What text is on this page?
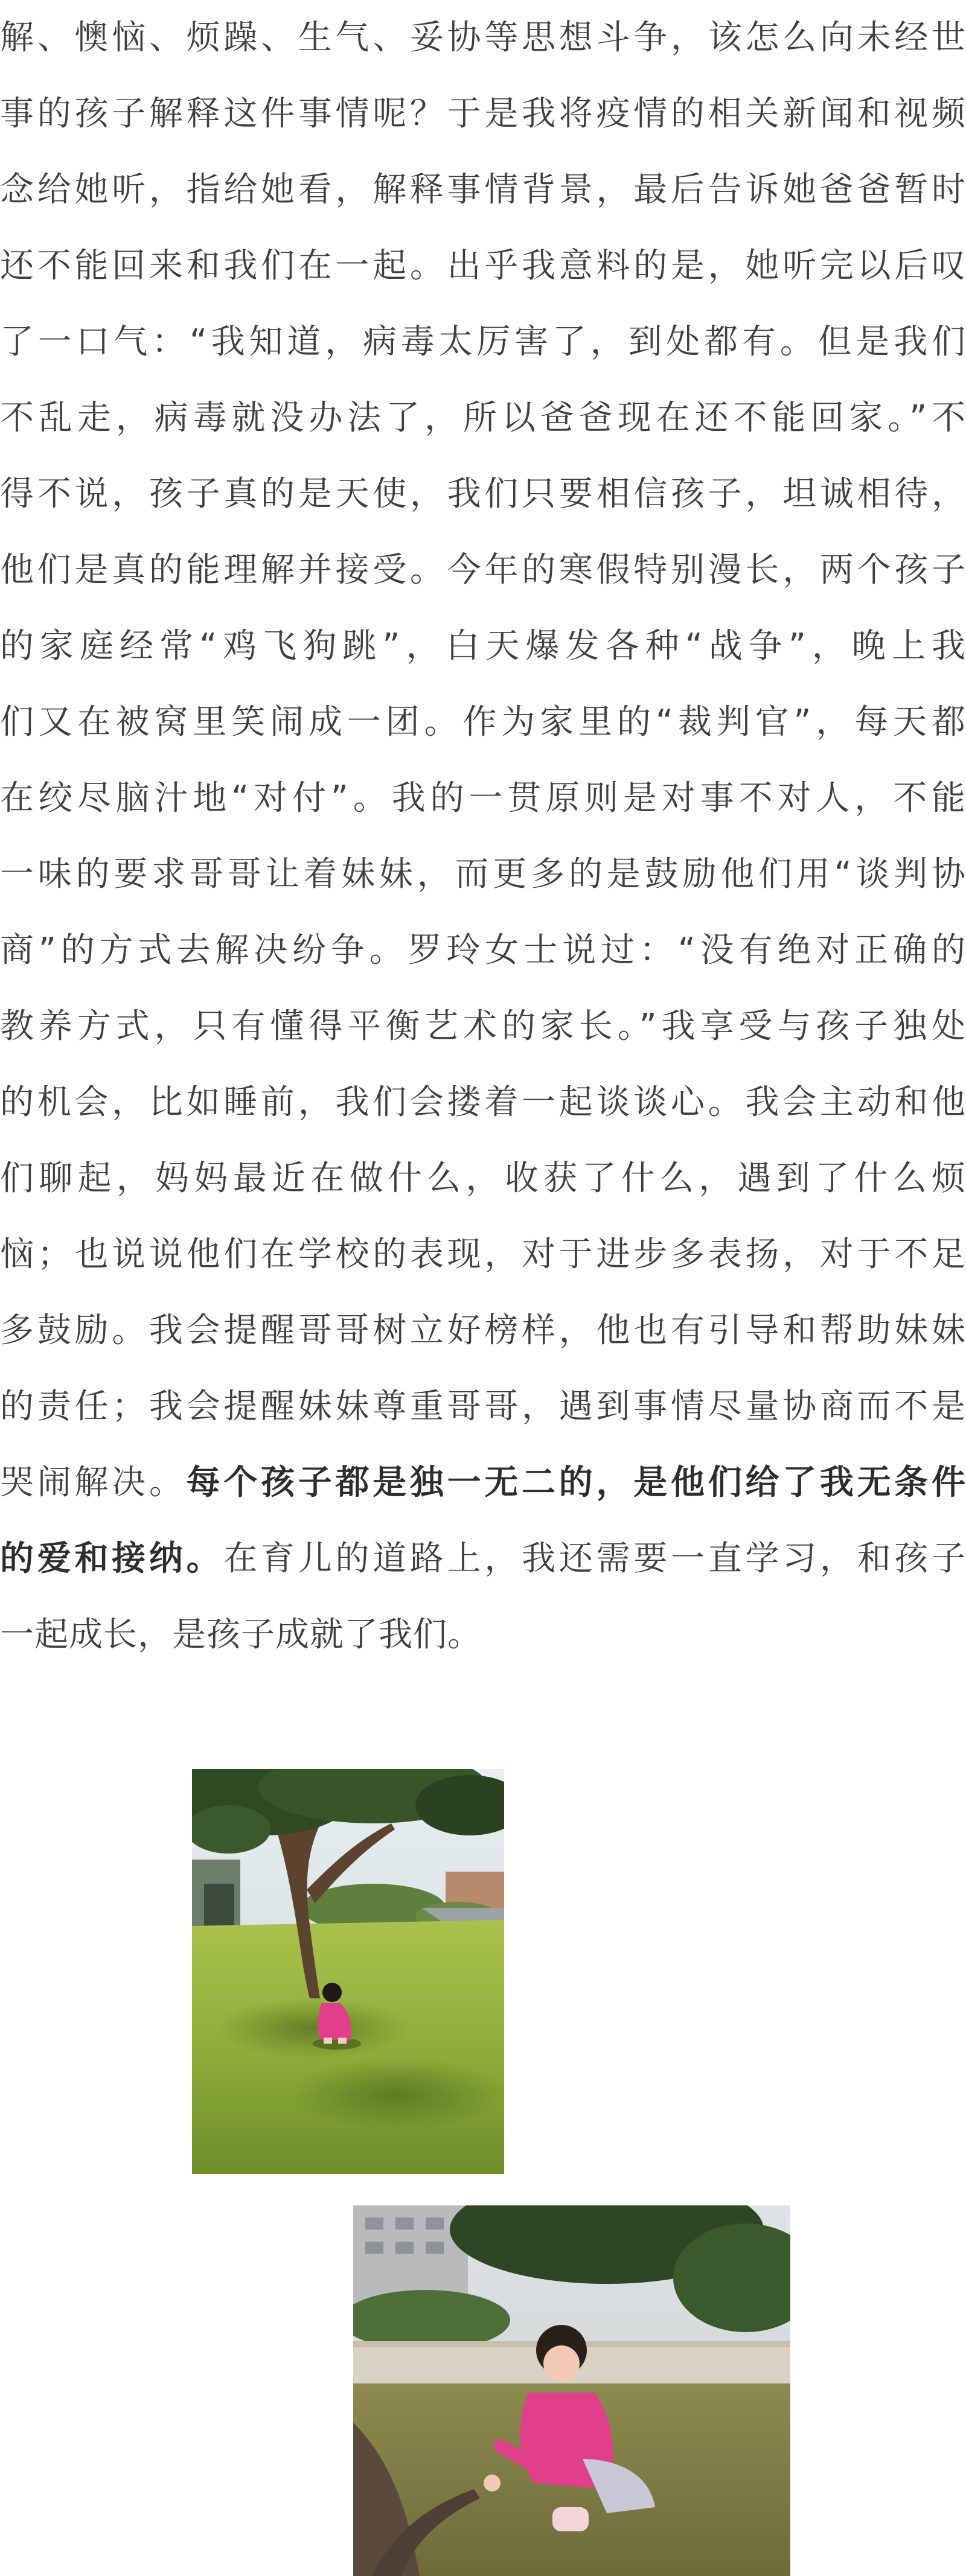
解、懊恼、烦躁、生气、妥协等思想斗争，该怎么向未经世
事的孩子解释这件事情呢？于是我将疫情的相关新闻和视频
念给她听，指给她看，解释事情背景，最后告诉她爸爸暂时
还不能回来和我们在一起。出乎我意料的是，她听完以后叹
了一口气：“我知道，病毒太厉害了，到处都有。但是我们
不乱走，病毒就没办法了，所以爸爸现在还不能回家。”不
得不说，孩子真的是天使，我们只要相信孩子，坦诚相待，
他们是真的能理解并接受。今年的寒假特别漫长，两个孩子
的家庭经常“鸡飞狗跳”，白天爆发各种“战争”，晚上我
们又在被窝里笑闹成一团。作为家里的“裁判官”，每天都
在绞尽脑汁地“对付”。我的一贯原则是对事不对人，不能
一味的要求哥哥让着妹妹，而更多的是鼓励他们用“谈判协
商”的方式去解决纷争。罗玲女士说过：“没有绝对正确的
教养方式，只有懂得平衡艺术的家长。”我享受与孩子独处
的机会，比如睡前，我们会搂着一起谈谈心。我会主动和他
们聊起，妈妈最近在做什么，收获了什么，遇到了什么烦
恼；也说说他们在学校的表现，对于进步多表扬，对于不足
多鼓励。我会提醒哥哥树立好榜样，他也有引导和帮助妹妹
的责任；我会提醒妹妹尊重哥哥，遇到事情尽量协商而不是
哭闹解决。每个孩子都是独一无二的，是他们给了我无条件
的爱和接纳。在育儿的道路上，我还需要一直学习，和孩子
一起成长，是孩子成就了我们。
